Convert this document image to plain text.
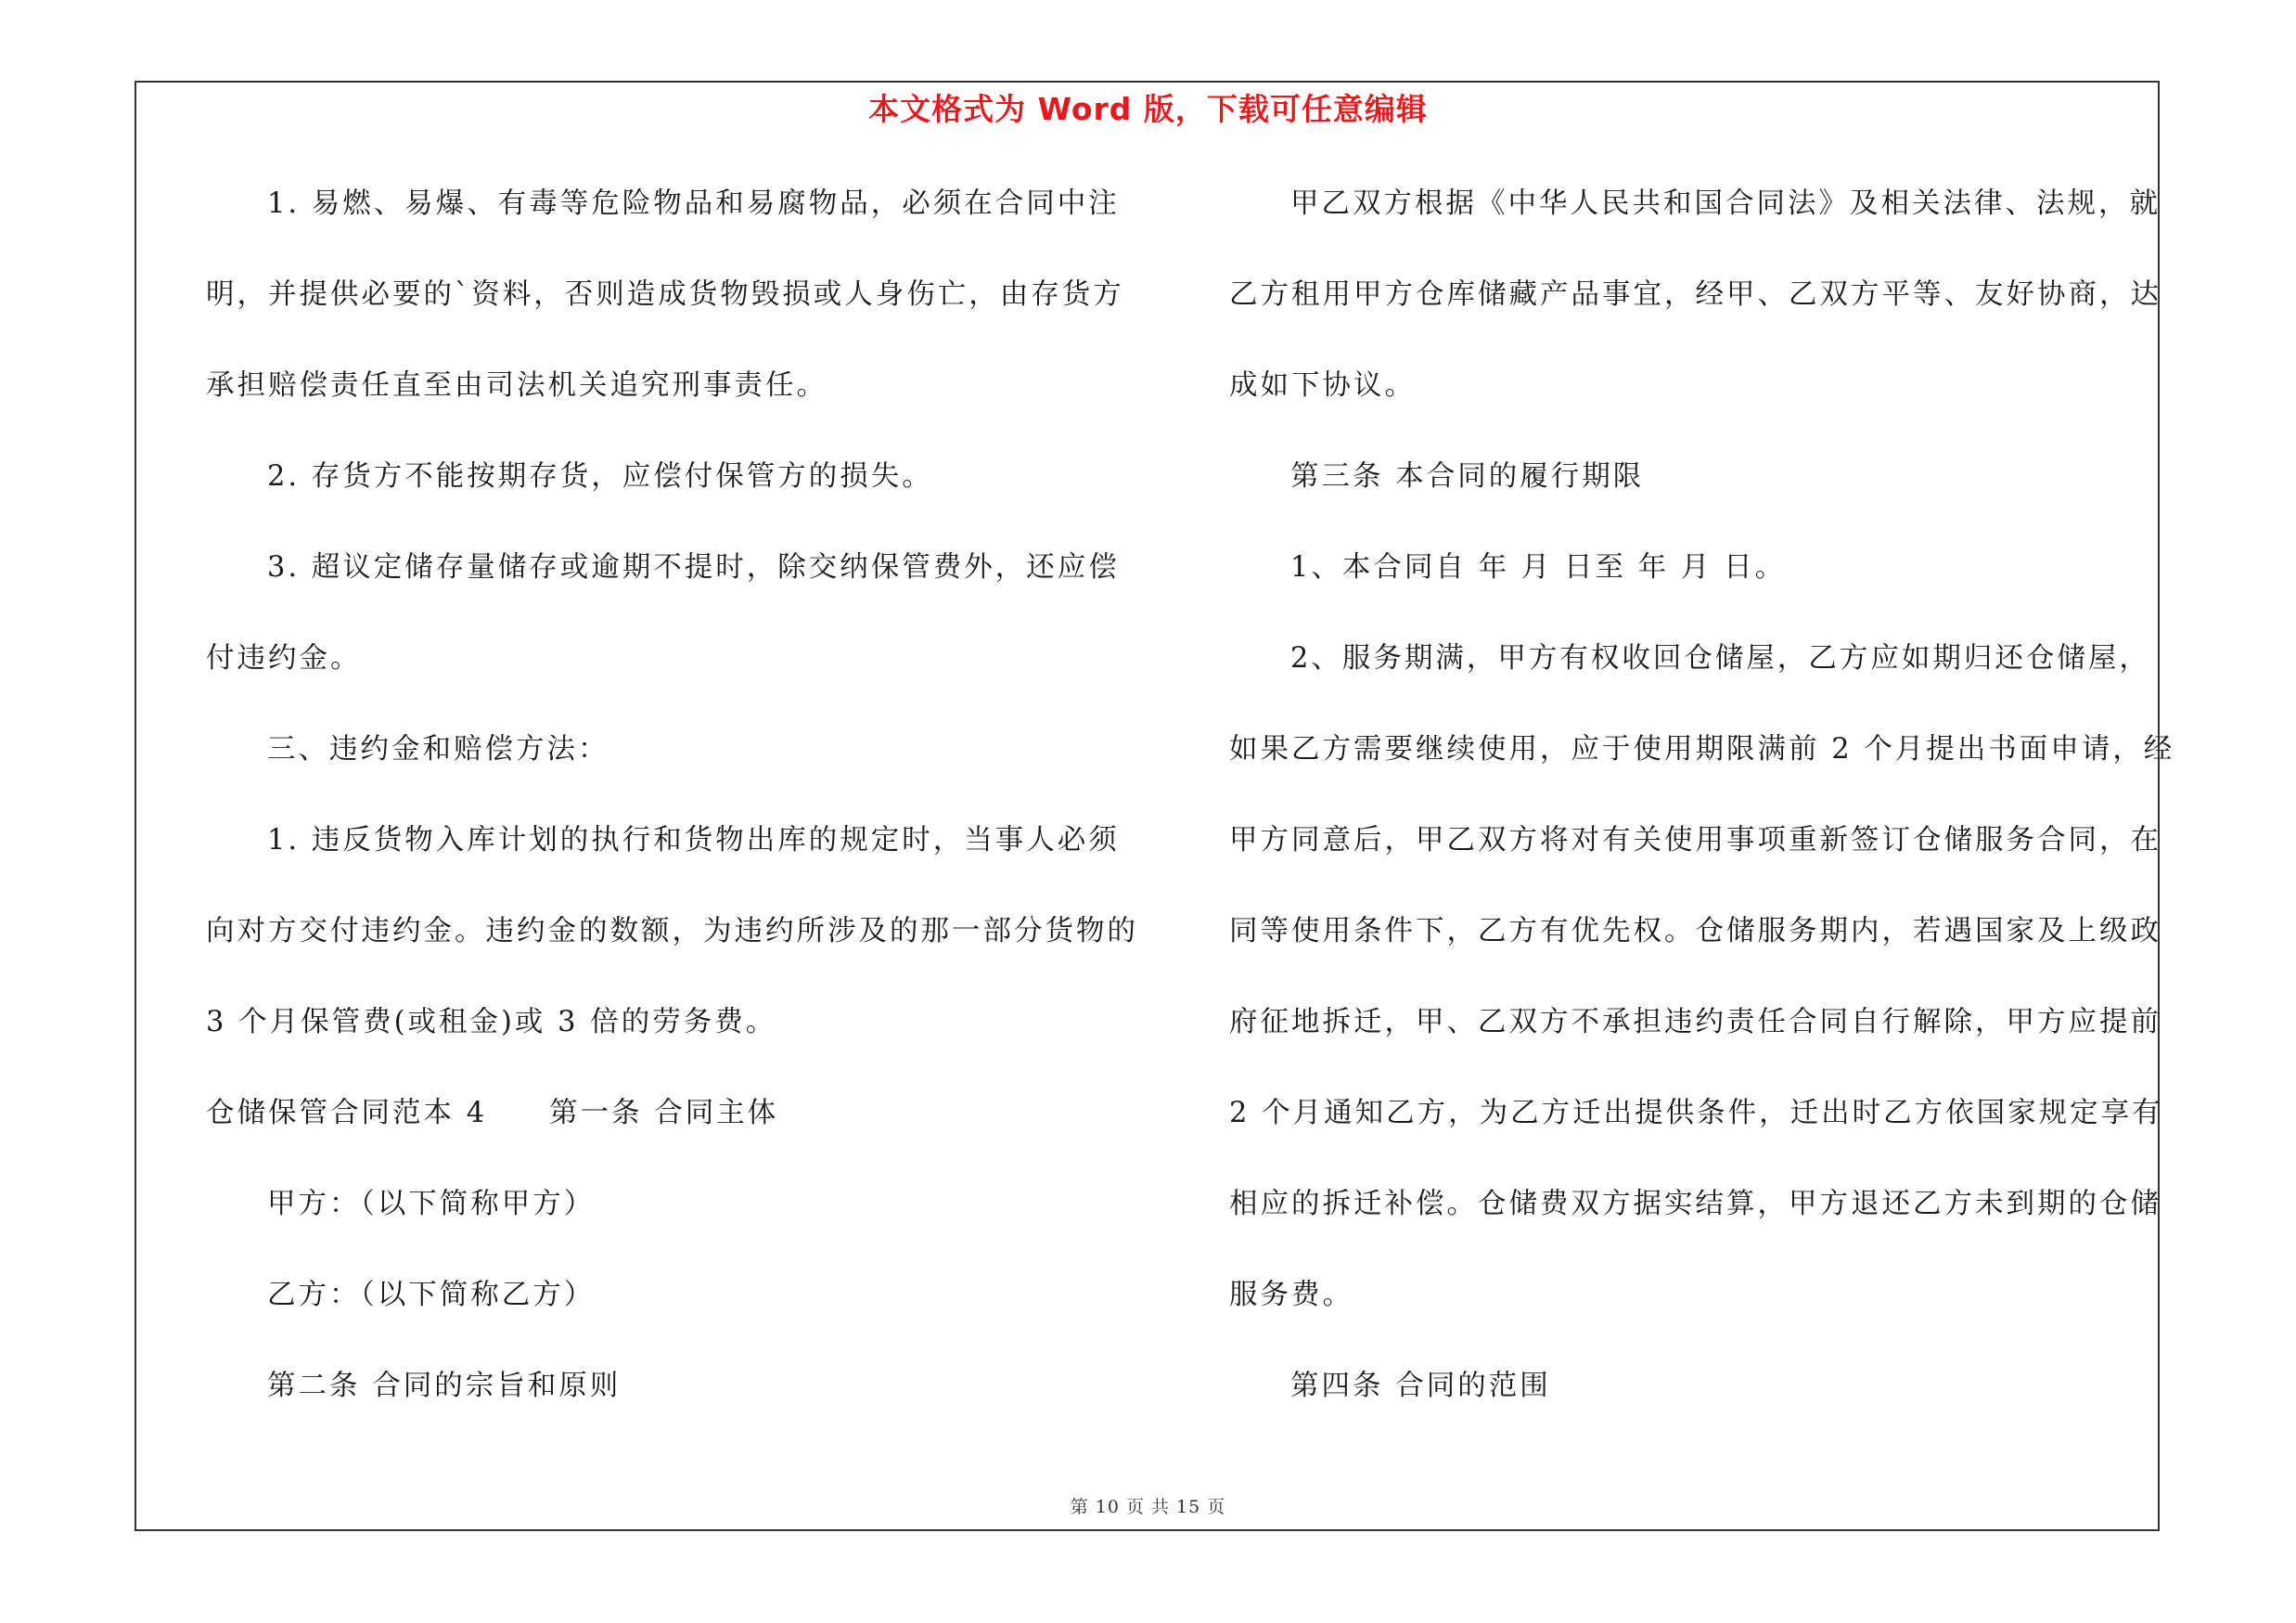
本文格式为 Word 版，下载可任意编辑
1. 易燃、易爆、有毒等危险物品和易腐物品，必须在合同中注
明，并提供必要的`资料，否则造成货物毁损或人身伤亡，由存货方
承担赔偿责任直至由司法机关追究刑事责任。
2. 存货方不能按期存货，应偿付保管方的损失。
3. 超议定储存量储存或逾期不提时，除交纳保管费外，还应偿
付违约金。
三、违约金和赔偿方法：
1. 违反货物入库计划的执行和货物出库的规定时，当事人必须
向对方交付违约金。违约金的数额，为违约所涉及的那一部分货物的
3 个月保管费(或租金)或 3 倍的劳务费。
仓储保管合同范本 4　　第一条 合同主体
甲方：（以下简称甲方）
乙方：（以下简称乙方）
第二条 合同的宗旨和原则
甲乙双方根据《中华人民共和国合同法》及相关法律、法规，就
乙方租用甲方仓库储藏产品事宜，经甲、乙双方平等、友好协商，达
成如下协议。
第三条 本合同的履行期限
1、本合同自 年 月 日至 年 月 日。
2、服务期满，甲方有权收回仓储屋，乙方应如期归还仓储屋，
如果乙方需要继续使用，应于使用期限满前 2 个月提出书面申请，经
甲方同意后，甲乙双方将对有关使用事项重新签订仓储服务合同，在
同等使用条件下，乙方有优先权。仓储服务期内，若遇国家及上级政
府征地拆迁，甲、乙双方不承担违约责任合同自行解除，甲方应提前
2 个月通知乙方，为乙方迁出提供条件，迁出时乙方依国家规定享有
相应的拆迁补偿。仓储费双方据实结算，甲方退还乙方未到期的仓储
服务费。
第四条 合同的范围
第 10 页 共 15 页
